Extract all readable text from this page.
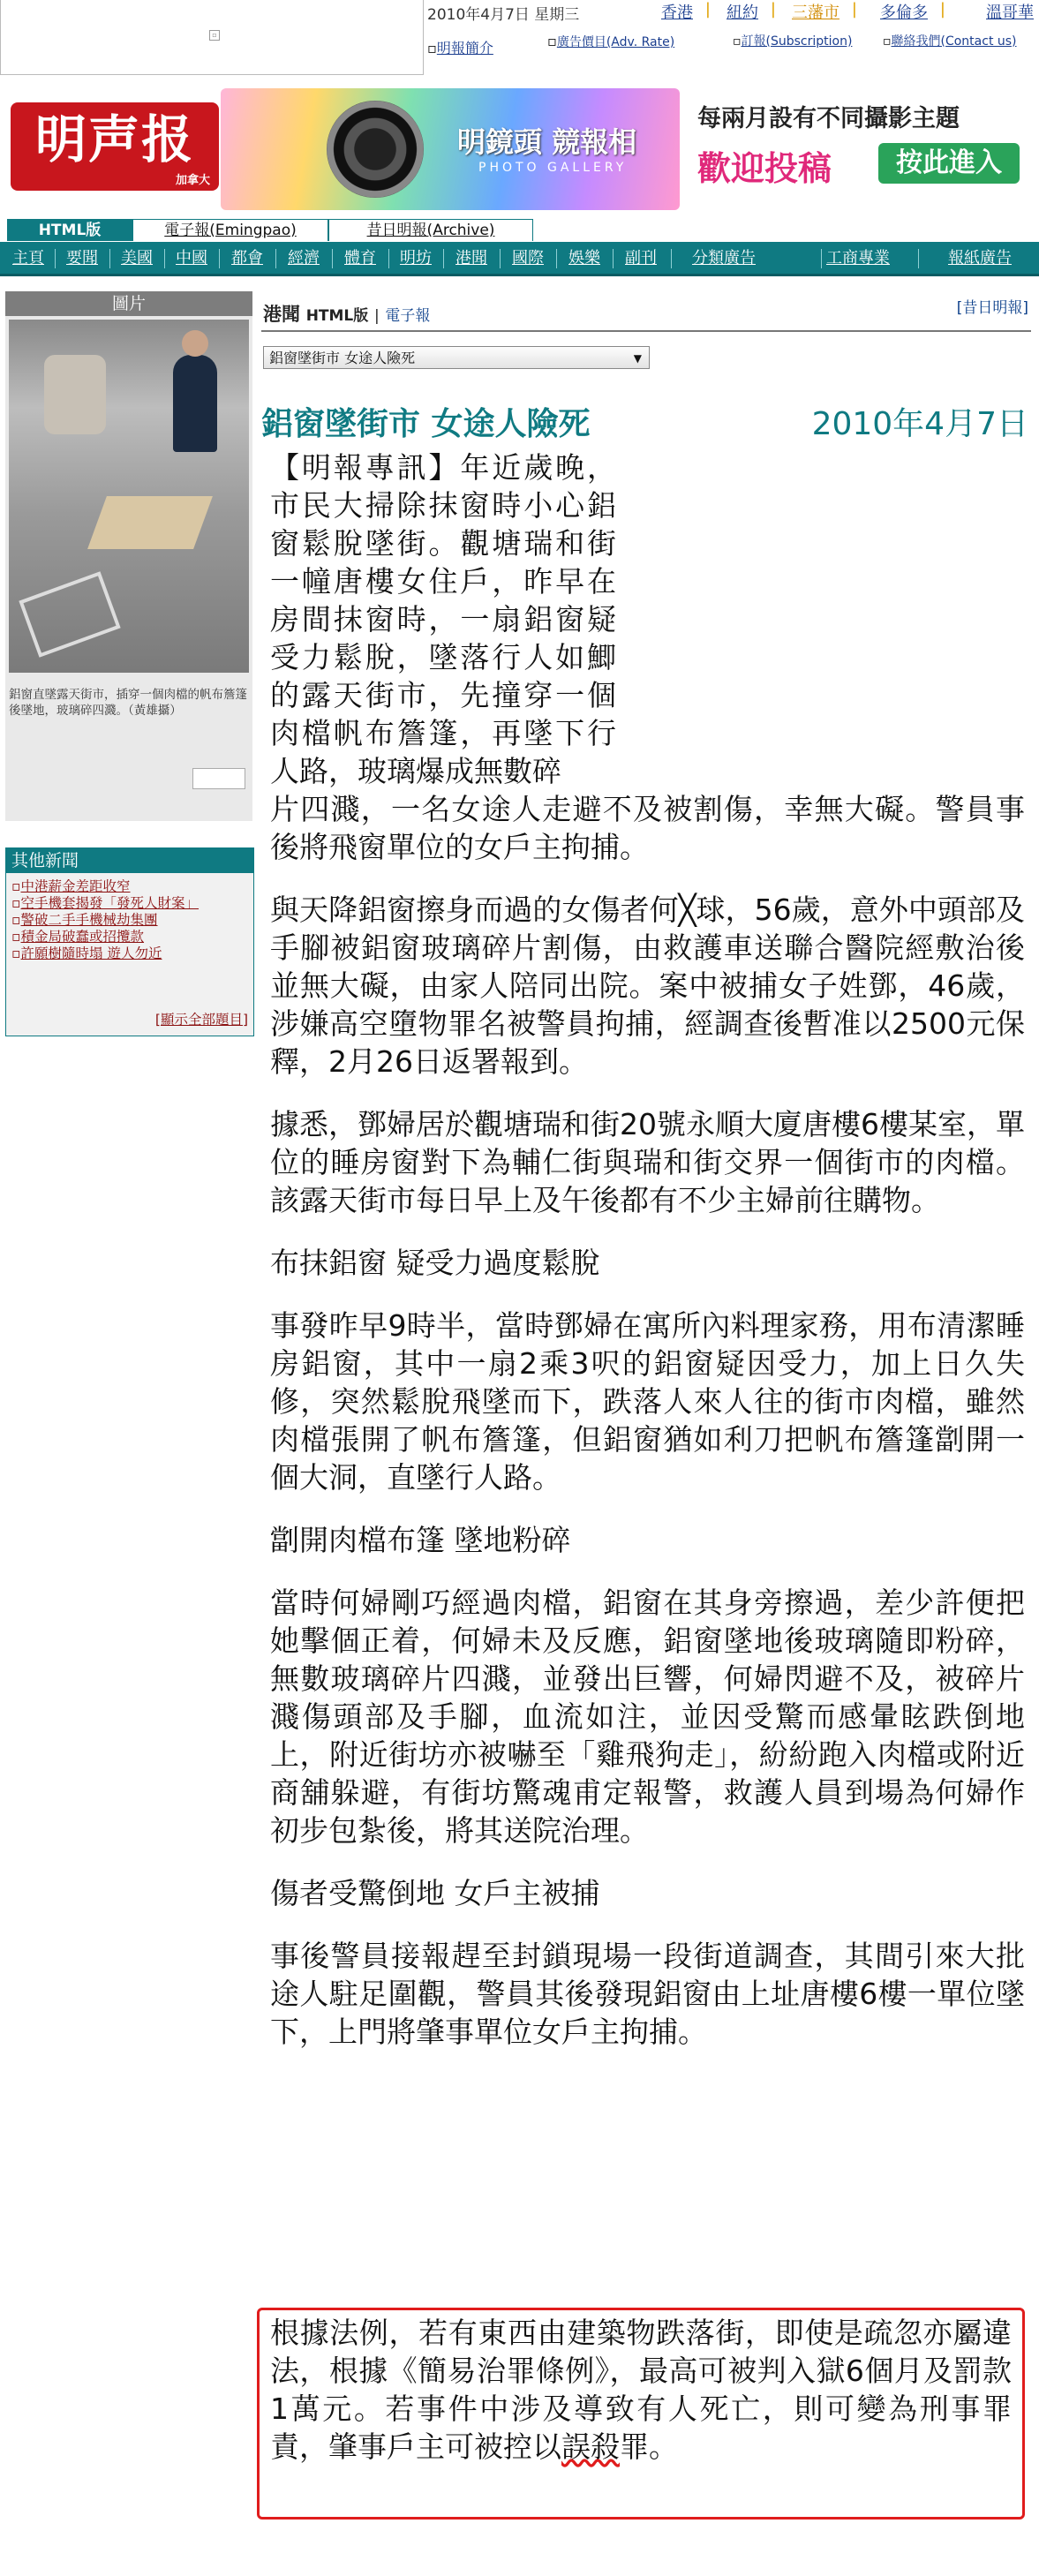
▫
2010年4月7日 星期三
▫明報簡介	▫廣告價目(Adv. Rate)	▫訂報(Subscription)	▫聯絡我們(Contact us)
香港 | 紐約 | 三藩市 | 多倫多 |	溫哥華
明声报
加拿大
明鏡頭 競報相
PHOTO GALLERY
每兩月設有不同攝影主題
歡迎投稿	按此進入
HTML版	電子報(Emingpao)	昔日明報(Archive)
主頁	要聞	美國	中國	都會	經濟	體育	明坊	港聞	國際	娛樂	副刊	分類廣告	工商專業	報紙廣告
圖片
鋁窗直墜露天街市，插穿一個肉檔的帆布簷篷後墜地，玻璃碎四濺。（黃雄攝）
其他新聞
▫中港薪金差距收窄
▫空手機套揭發「發死人財案」
▫警破二手手機械劫集團
▫積金局破蠢或招攬款
▫許願樹隨時塌 遊人勿近
[顯示全部題目]
港聞 HTML版 | 電子報	[昔日明報]
鋁窗墜街市 女途人險死	▼
鋁窗墜街市 女途人險死	2010年4月7日

【明報專訊】年近歲晚，市民大掃除抹窗時小心鋁窗鬆脫墜街。觀塘瑞和街一幢唐樓女住戶，昨早在房間抹窗時，一扇鋁窗疑受力鬆脫，墜落行人如鯽的露天街市，先撞穿一個肉檔帆布簷篷，再墜下行人路，玻璃爆成無數碎

片四濺，一名女途人走避不及被割傷，幸無大礙。警員事後將飛窗單位的女戶主拘捕。

與天降鋁窗擦身而過的女傷者何╳球，56歲，意外中頭部及手腳被鋁窗玻璃碎片割傷，由救護車送聯合醫院經敷治後並無大礙，由家人陪同出院。案中被捕女子姓鄧，46歲，涉嫌高空墮物罪名被警員拘捕，經調查後暫准以2500元保釋，2月26日返署報到。

據悉，鄧婦居於觀塘瑞和街20號永順大廈唐樓6樓某室，單位的睡房窗對下為輔仁街與瑞和街交界一個街市的肉檔。該露天街市每日早上及午後都有不少主婦前往購物。

布抹鋁窗 疑受力過度鬆脫

事發昨早9時半，當時鄧婦在寓所內料理家務，用布清潔睡房鋁窗，其中一扇2乘3呎的鋁窗疑因受力，加上日久失修，突然鬆脫飛墜而下，跌落人來人往的街市肉檔，雖然肉檔張開了帆布簷篷，但鋁窗猶如利刀把帆布簷篷劏開一個大洞，直墜行人路。

劏開肉檔布篷 墜地粉碎

當時何婦剛巧經過肉檔，鋁窗在其身旁擦過，差少許便把她擊個正着，何婦未及反應，鋁窗墜地後玻璃隨即粉碎，無數玻璃碎片四濺，並發出巨響，何婦閃避不及，被碎片濺傷頭部及手腳，血流如注，並因受驚而感暈眩跌倒地上，附近街坊亦被嚇至「雞飛狗走」，紛紛跑入肉檔或附近商舖躲避，有街坊驚魂甫定報警，救護人員到場為何婦作初步包紮後，將其送院治理。

傷者受驚倒地 女戶主被捕

事後警員接報趕至封鎖現場一段街道調查，其間引來大批途人駐足圍觀，警員其後發現鋁窗由上址唐樓6樓一單位墜下，上門將肇事單位女戶主拘捕。

根據法例，若有東西由建築物跌落街，即使是疏忽亦屬違法，根據《簡易治罪條例》，最高可被判入獄6個月及罰款1萬元。若事件中涉及導致有人死亡，則可變為刑事罪責，肇事戶主可被控以誤殺罪。
